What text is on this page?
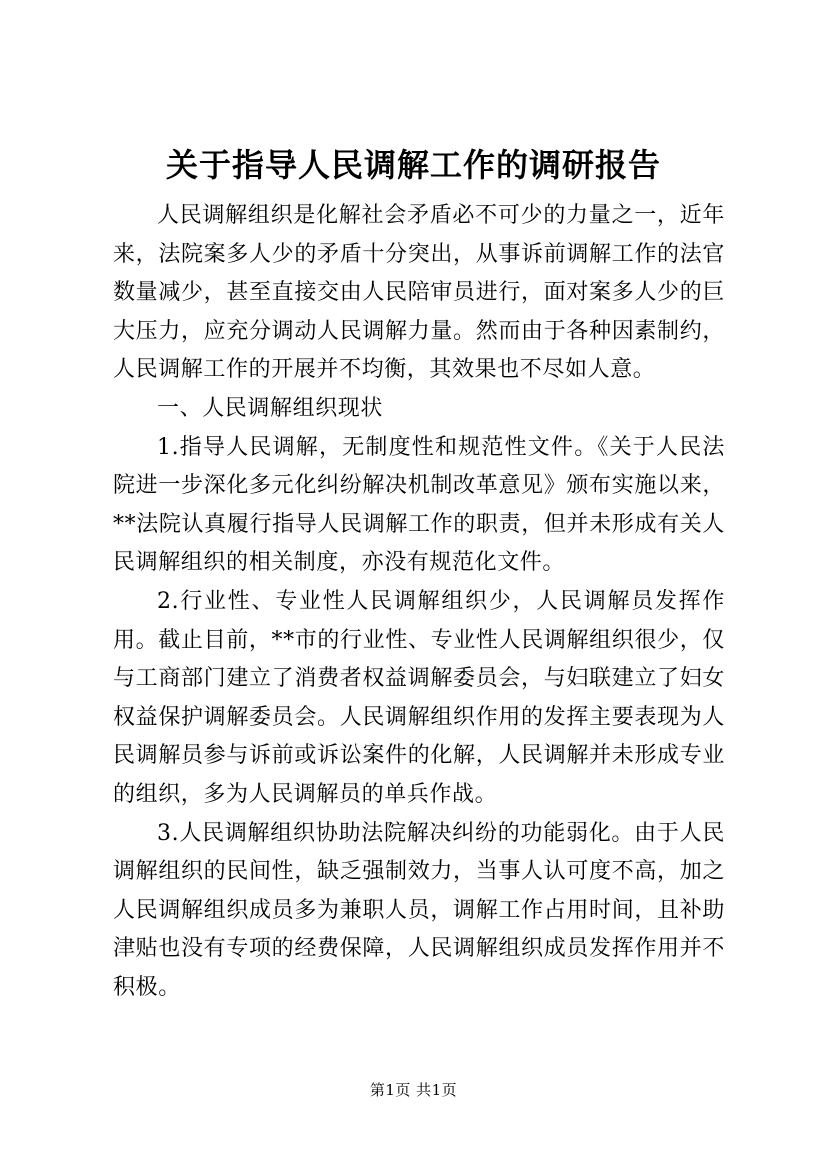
关于指导人民调解工作的调研报告

人民调解组织是化解社会矛盾必不可少的力量之一，近年来，法院案多人少的矛盾十分突出，从事诉前调解工作的法官数量减少，甚至直接交由人民陪审员进行，面对案多人少的巨大压力，应充分调动人民调解力量。然而由于各种因素制约，人民调解工作的开展并不均衡，其效果也不尽如人意。

一、人民调解组织现状

1.指导人民调解，无制度性和规范性文件。《关于人民法院进一步深化多元化纠纷解决机制改革意见》颁布实施以来，**法院认真履行指导人民调解工作的职责，但并未形成有关人民调解组织的相关制度，亦没有规范化文件。

2.行业性、专业性人民调解组织少，人民调解员发挥作用。截止目前，**市的行业性、专业性人民调解组织很少，仅与工商部门建立了消费者权益调解委员会，与妇联建立了妇女权益保护调解委员会。人民调解组织作用的发挥主要表现为人民调解员参与诉前或诉讼案件的化解，人民调解并未形成专业的组织，多为人民调解员的单兵作战。

3.人民调解组织协助法院解决纠纷的功能弱化。由于人民调解组织的民间性，缺乏强制效力，当事人认可度不高，加之人民调解组织成员多为兼职人员，调解工作占用时间，且补助津贴也没有专项的经费保障，人民调解组织成员发挥作用并不积极。

第1页 共1页
